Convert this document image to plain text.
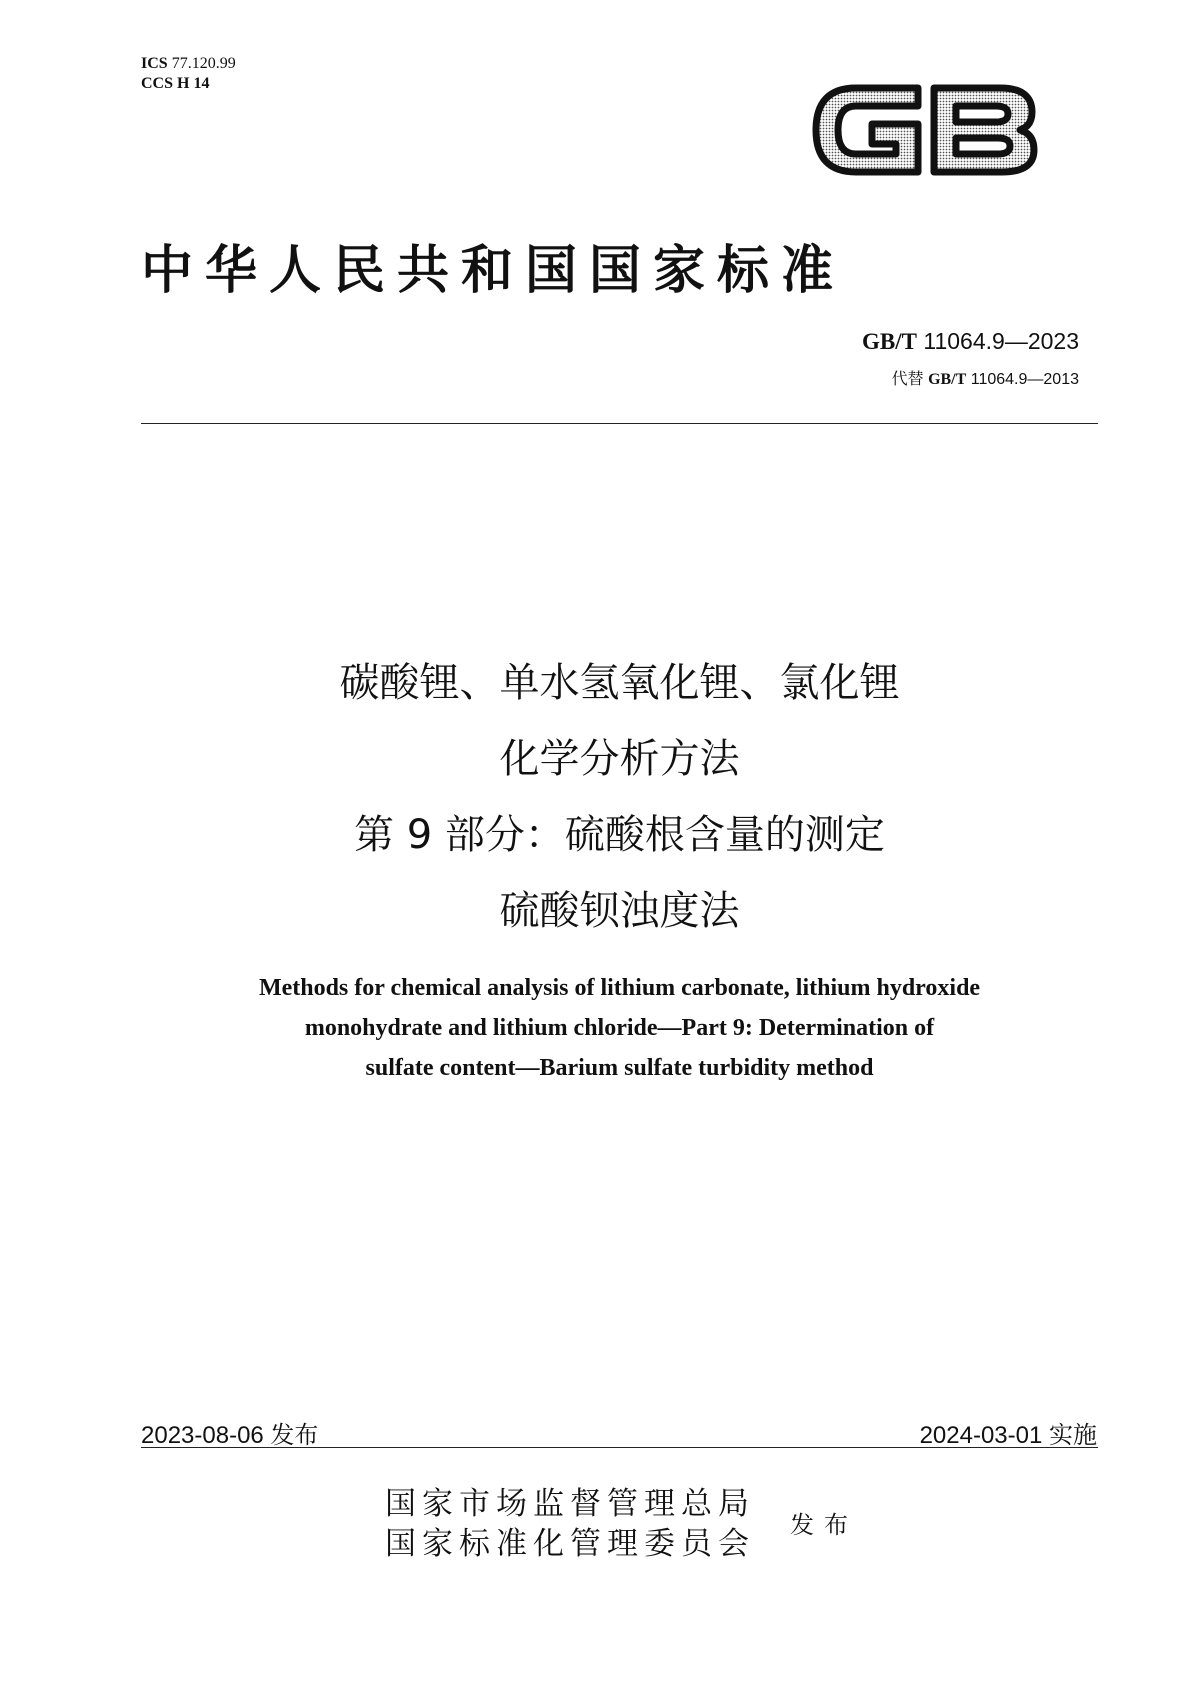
ICS 77.120.99
CCS H 14
中华人民共和国国家标准
GB/T 11064.9—2023
代替 GB/T 11064.9—2013
碳酸锂、单水氢氧化锂、氯化锂
化学分析方法
第 9 部分：硫酸根含量的测定
硫酸钡浊度法
Methods for chemical analysis of lithium carbonate, lithium hydroxide
monohydrate and lithium chloride—Part 9: Determination of
sulfate content—Barium sulfate turbidity method
2023-08-06 发布	2024-03-01 实施
国家市场监督管理总局
国家标准化管理委员会
发布
